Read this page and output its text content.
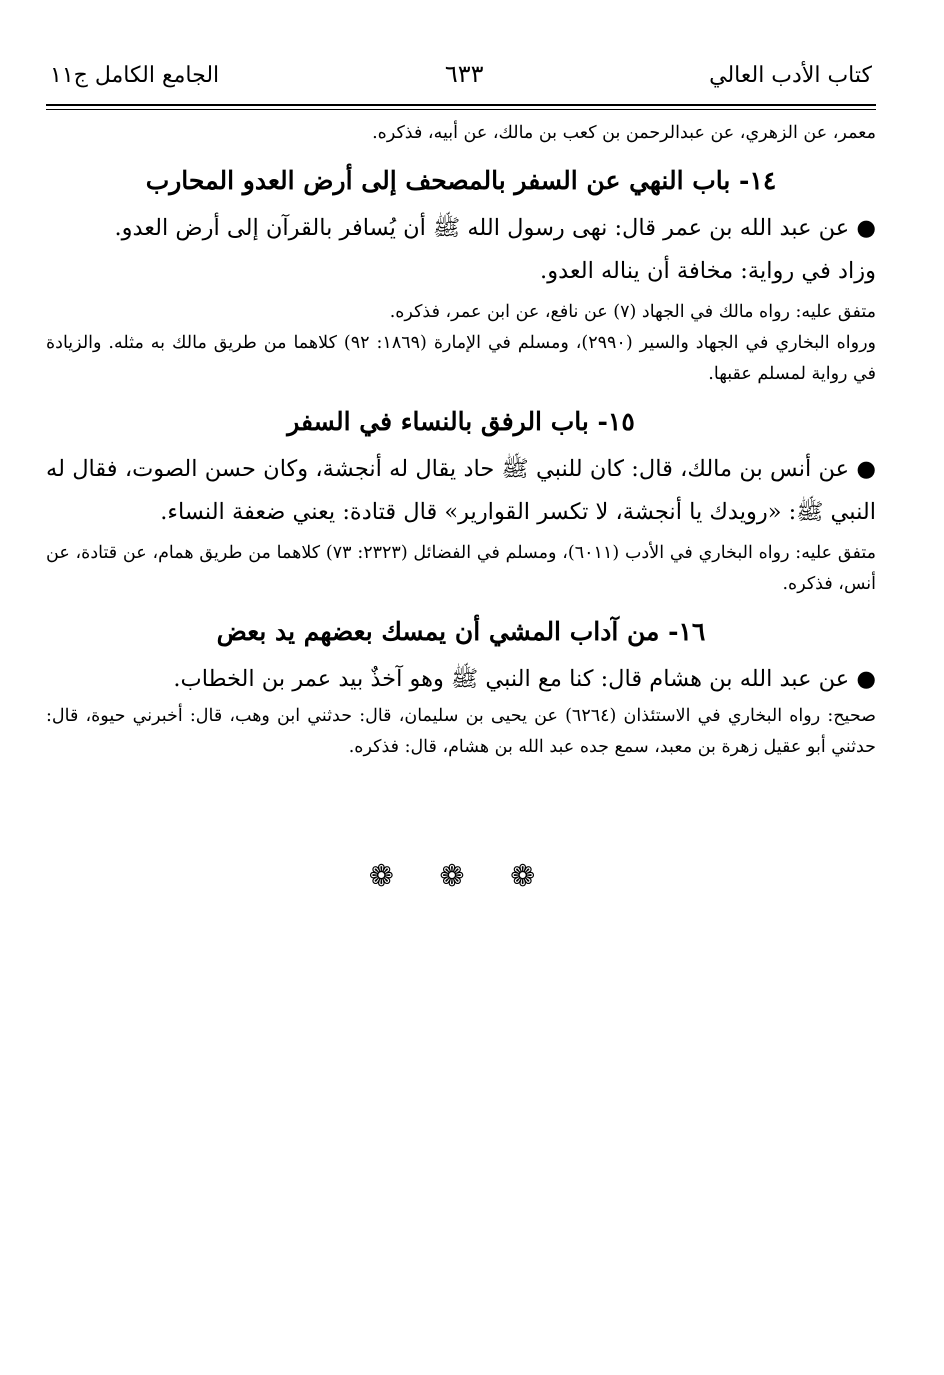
كتاب الأدب العالي
٦٣٣
الجامع الكامل ج١١

معمر، عن الزهري، عن عبدالرحمن بن كعب بن مالك، عن أبيه، فذكره.

١٤- باب النهي عن السفر بالمصحف إلى أرض العدو المحارب

● عن عبد الله بن عمر قال: نهى رسول الله ﷺ أن يُسافر بالقرآن إلى أرض العدو.

وزاد في رواية: مخافة أن يناله العدو.

متفق عليه: رواه مالك في الجهاد (٧) عن نافع، عن ابن عمر، فذكره.

ورواه البخاري في الجهاد والسير (٢٩٩٠)، ومسلم في الإمارة (١٨٦٩: ٩٢) كلاهما من طريق مالك به مثله. والزيادة في رواية لمسلم عقبها.

١٥- باب الرفق بالنساء في السفر

● عن أنس بن مالك، قال: كان للنبي ﷺ حاد يقال له أنجشة، وكان حسن الصوت، فقال له النبي ﷺ: «رويدك يا أنجشة، لا تكسر القوارير» قال قتادة: يعني ضعفة النساء.

متفق عليه: رواه البخاري في الأدب (٦٠١١)، ومسلم في الفضائل (٢٣٢٣: ٧٣) كلاهما من طريق همام، عن قتادة، عن أنس، فذكره.

١٦- من آداب المشي أن يمسك بعضهم يد بعض

● عن عبد الله بن هشام قال: كنا مع النبي ﷺ وهو آخذٌ بيد عمر بن الخطاب.

صحيح: رواه البخاري في الاستئذان (٦٢٦٤) عن يحيى بن سليمان، قال: حدثني ابن وهب، قال: أخبرني حيوة، قال: حدثني أبو عقيل زهرة بن معبد، سمع جده عبد الله بن هشام، قال: فذكره.

❁ ❁ ❁
